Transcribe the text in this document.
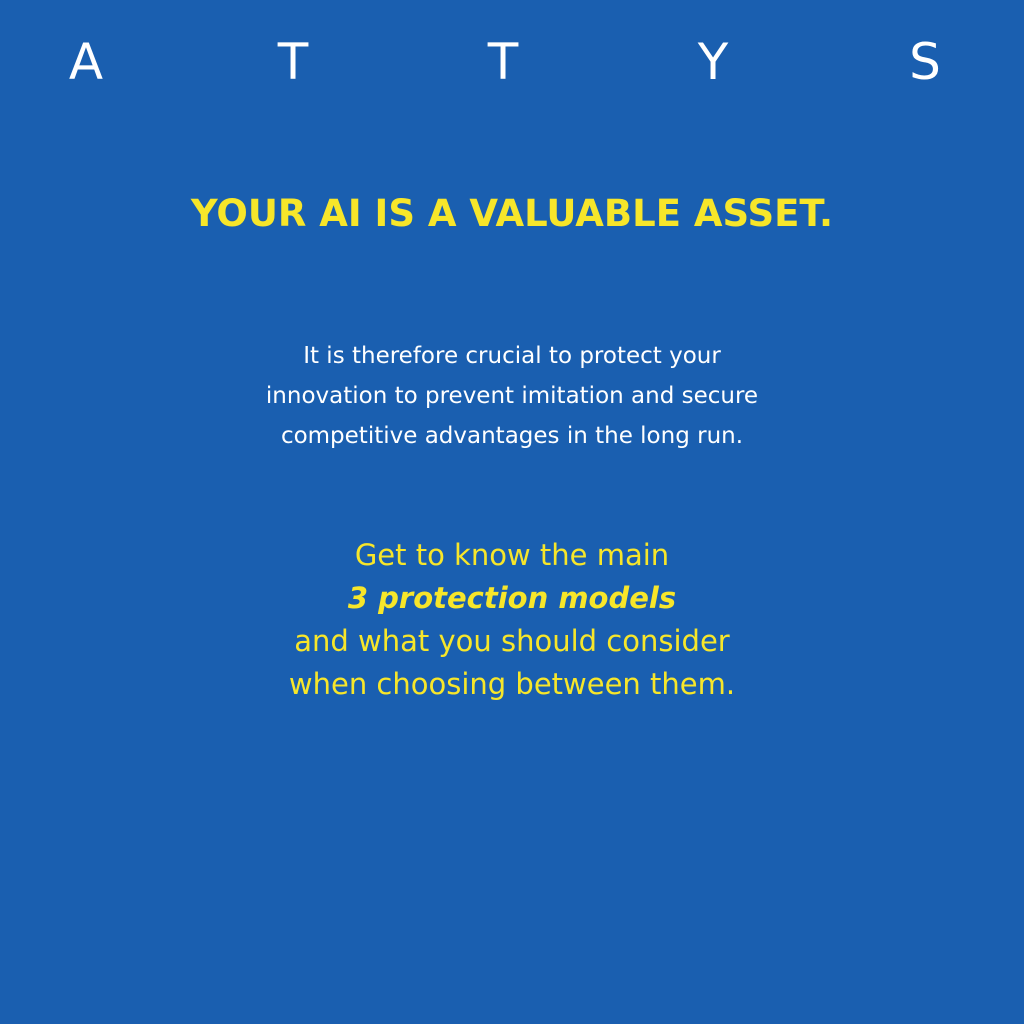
A	T	T	Y	S
YOUR AI IS A VALUABLE ASSET.
It is therefore crucial to protect your
innovation to prevent imitation and secure
competitive advantages in the long run.
Get to know the main
3 protection models
and what you should consider
when choosing between them.
